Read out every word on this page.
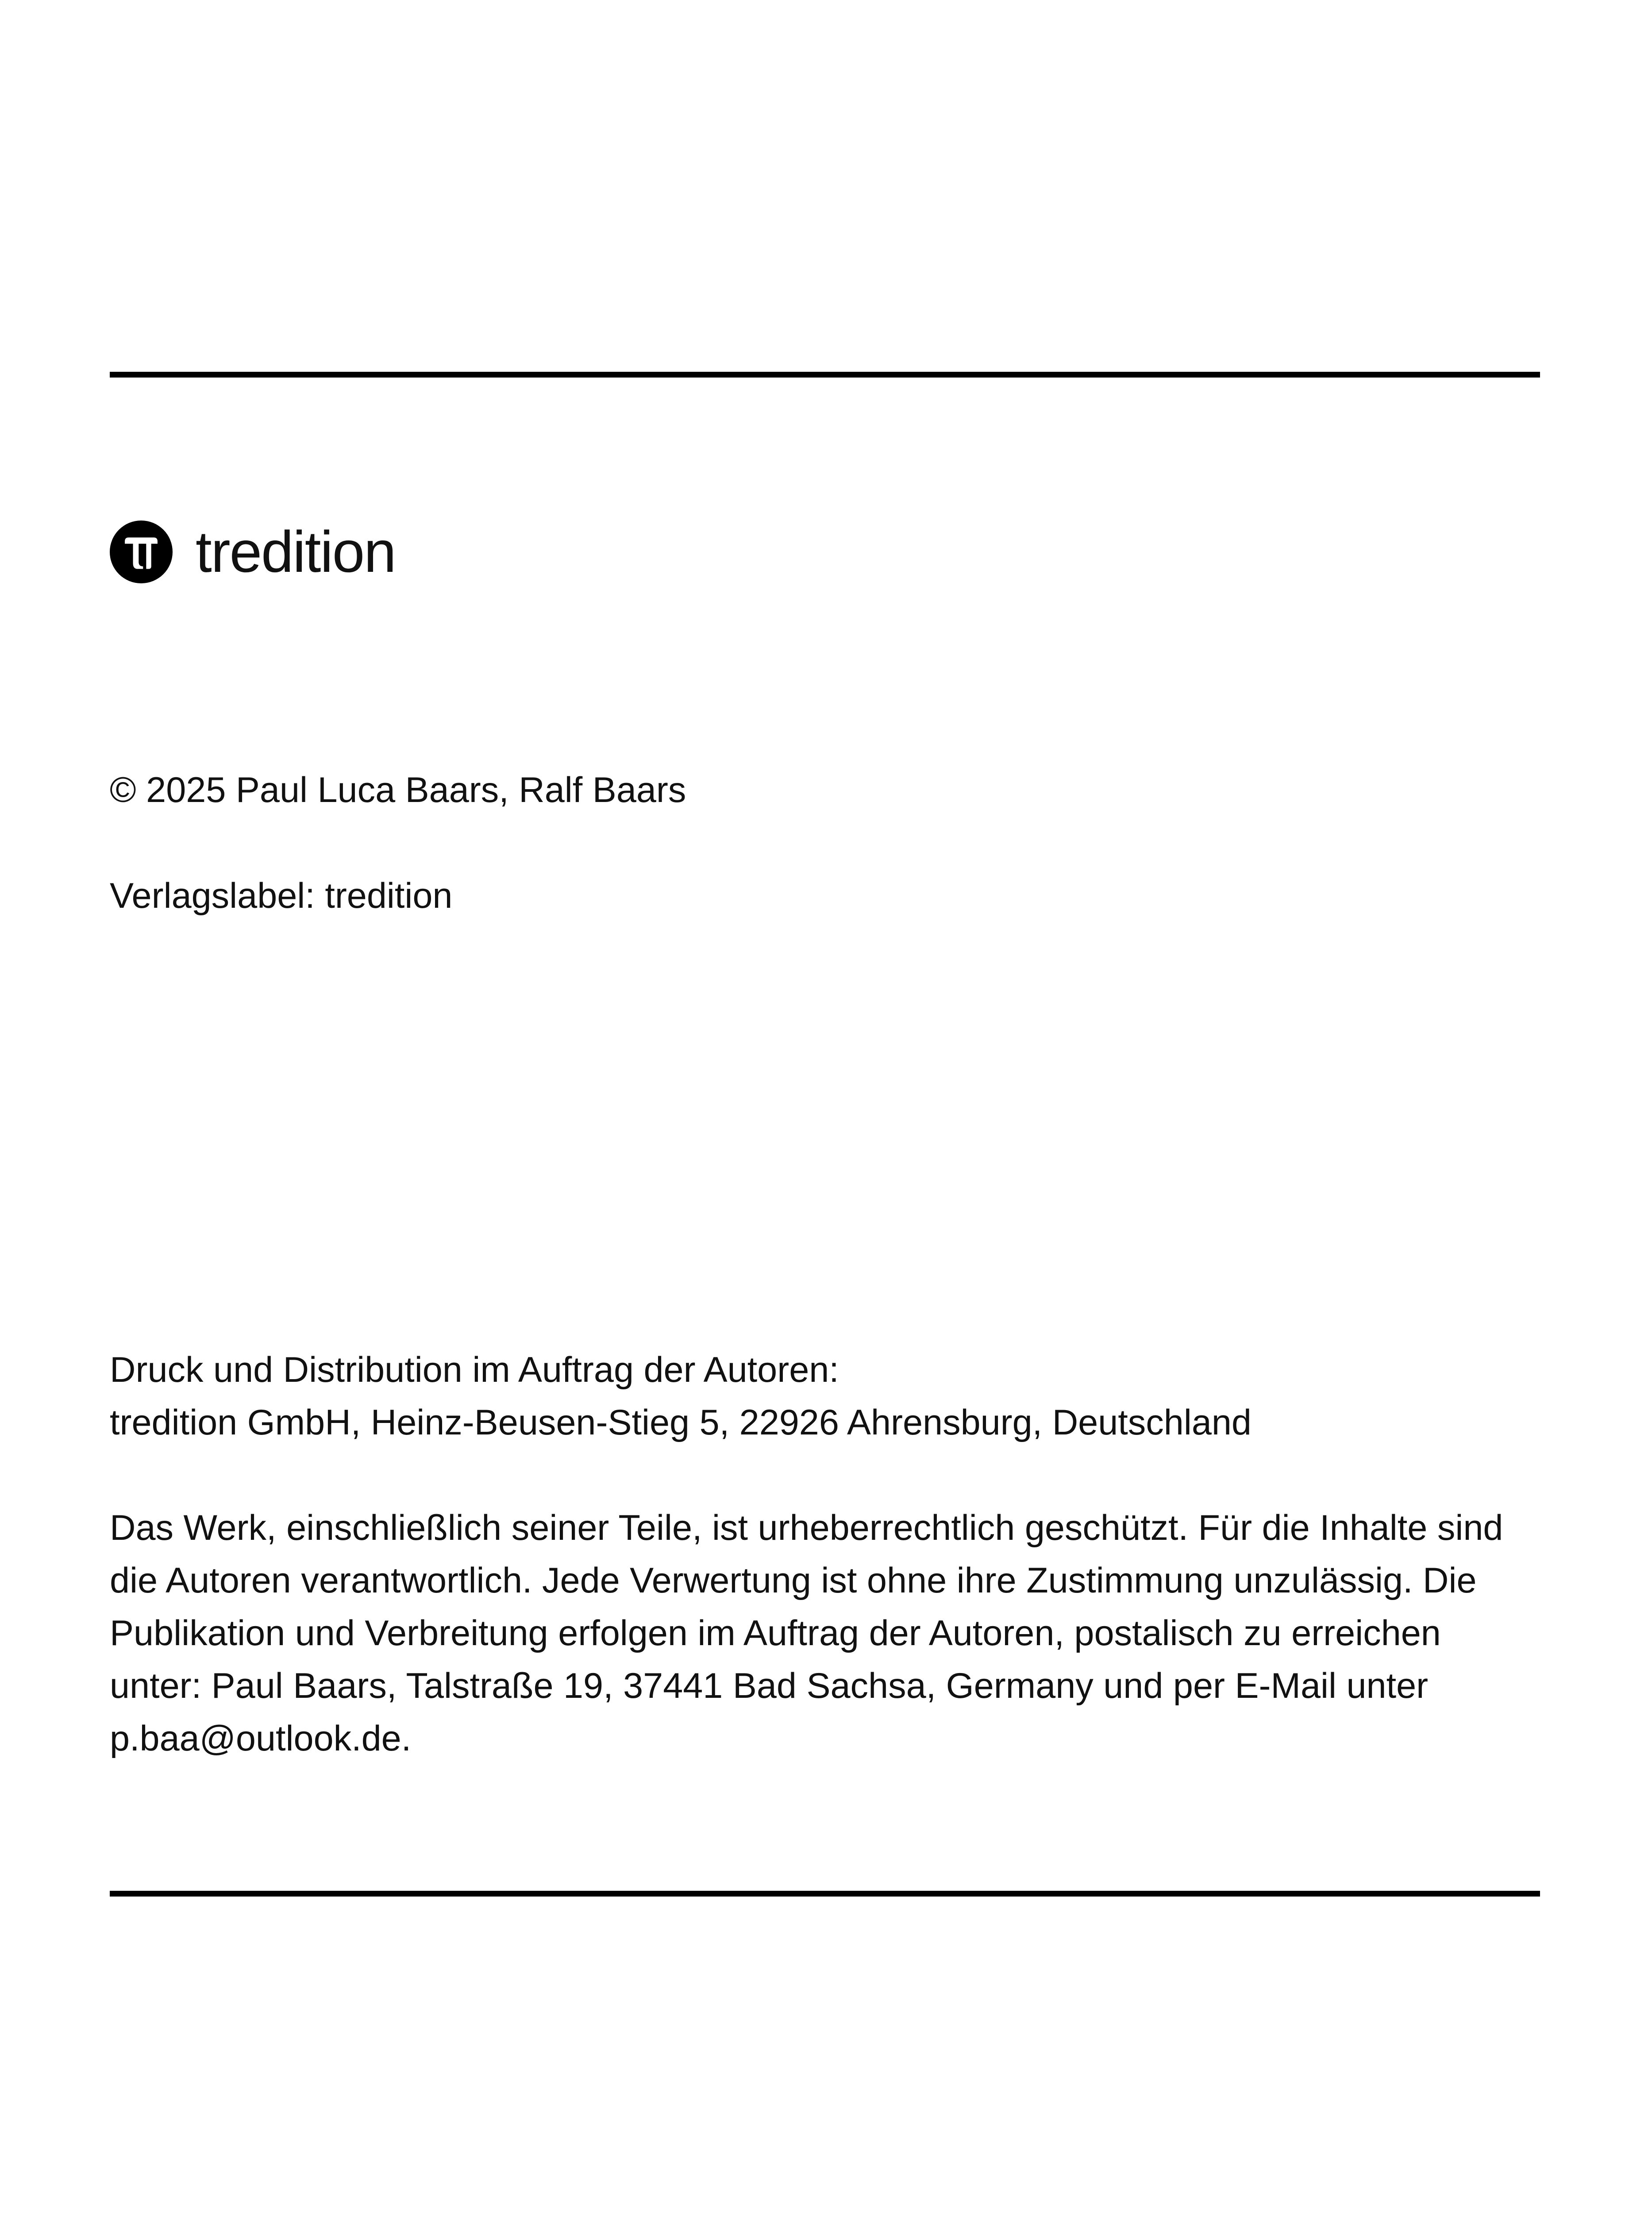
tredition
© 2025 Paul Luca Baars, Ralf Baars
Verlagslabel: tredition
Druck und Distribution im Auftrag der Autoren:
tredition GmbH, Heinz-Beusen-Stieg 5, 22926 Ahrensburg, Deutschland
Das Werk, einschließlich seiner Teile, ist urheberrechtlich geschützt. Für die Inhalte sind
die Autoren verantwortlich. Jede Verwertung ist ohne ihre Zustimmung unzulässig. Die
Publikation und Verbreitung erfolgen im Auftrag der Autoren, postalisch zu erreichen
unter: Paul Baars, Talstraße 19, 37441 Bad Sachsa, Germany und per E-Mail unter
p.baa@outlook.de.
